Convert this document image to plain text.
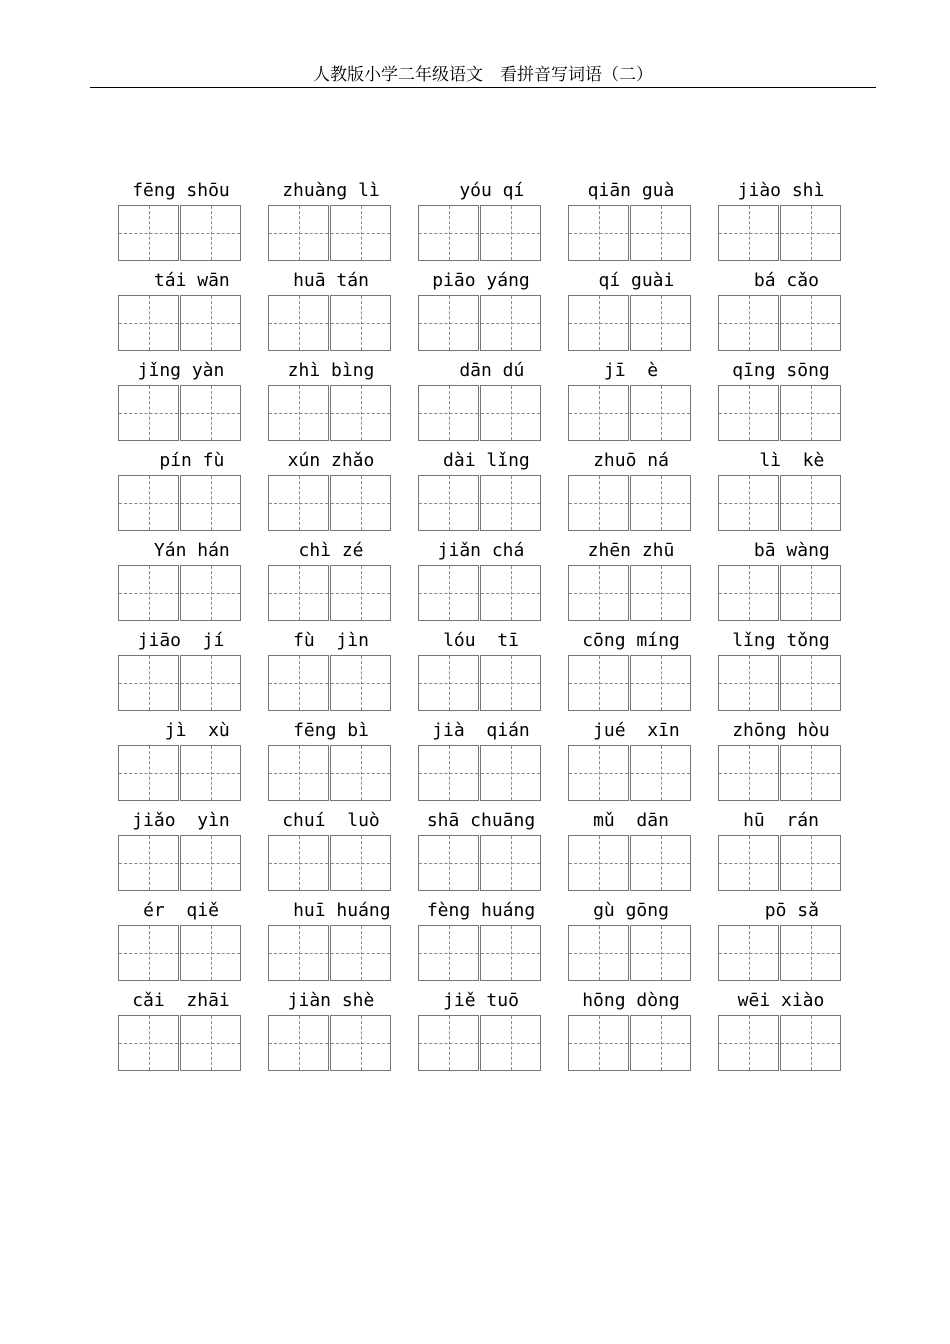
人教版小学二年级语文　看拼音写词语（二）
fēng shōu	zhuàng lì	yóu qí	qiān guà	jiào shì
tái wān	huā tán	piāo yáng	qí guài	bá cǎo
jǐng yàn	zhì bìng	dān dú	jī  è	qīng sōng
pín fù	xún zhǎo	dài lǐng	zhuō ná	lì  kè
Yán hán	chì zé	jiǎn chá	zhēn zhū	bā wàng
jiāo  jí	fù  jìn	lóu  tī	cōng míng	lǐng tǒng
jì  xù	fēng bì	jià  qián	jué  xīn	zhōng hòu
jiǎo  yìn	chuí  luò	shā chuāng	mǔ  dān	hū  rán
ér  qiě	huī huáng	fèng huáng	gù gōng	pō sǎ
cǎi  zhāi	jiàn shè	jiě tuō	hōng dòng	wēi xiào
